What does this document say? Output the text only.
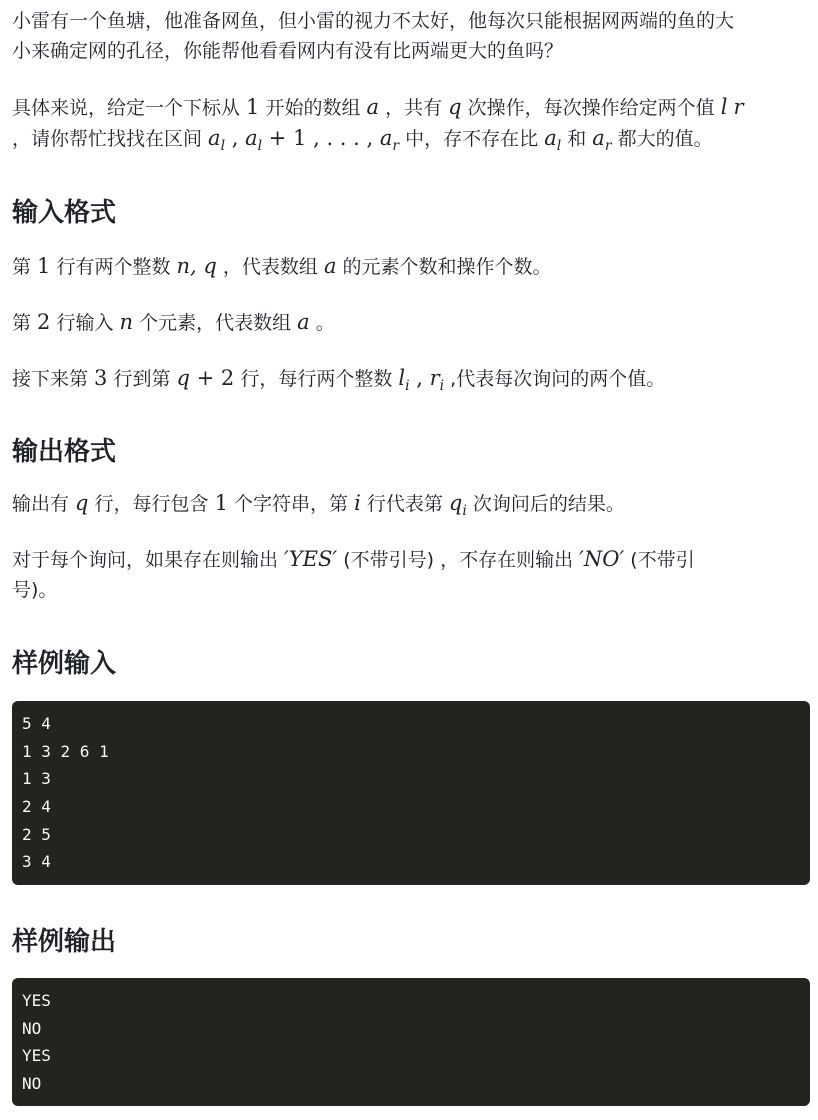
小雷有一个鱼塘，他准备网鱼，但小雷的视力不太好，他每次只能根据网两端的鱼的大

小来确定网的孔径，你能帮他看看网内有没有比两端更大的鱼吗？

具体来说，给定一个下标从 1 开始的数组 a ，共有 q 次操作，每次操作给定两个值 l r

，请你帮忙找找在区间 $a_l$ , $a_l + 1$ , . . . , $a_r$ 中，存不存在比 $a_l$ 和 $a_r$ 都大的值。

输入格式

第 1 行有两个整数 n, q ，代表数组 a 的元素个数和操作个数。

第 2 行输入 n 个元素，代表数组 a 。

接下来第 3 行到第 q + 2 行，每行两个整数 $l_i$ , $r_i$ ,代表每次询问的两个值。

输出格式

输出有 q 行，每行包含 1 个字符串，第 i 行代表第 $q_i$ 次询问后的结果。

对于每个询问，如果存在则输出 ′YES′ (不带引号) ，不存在则输出 ′NO′ (不带引

号)。

样例输入
5 4
1 3 2 6 1
1 3
2 4
2 5
3 4
样例输出
YES
NO
YES
NO
